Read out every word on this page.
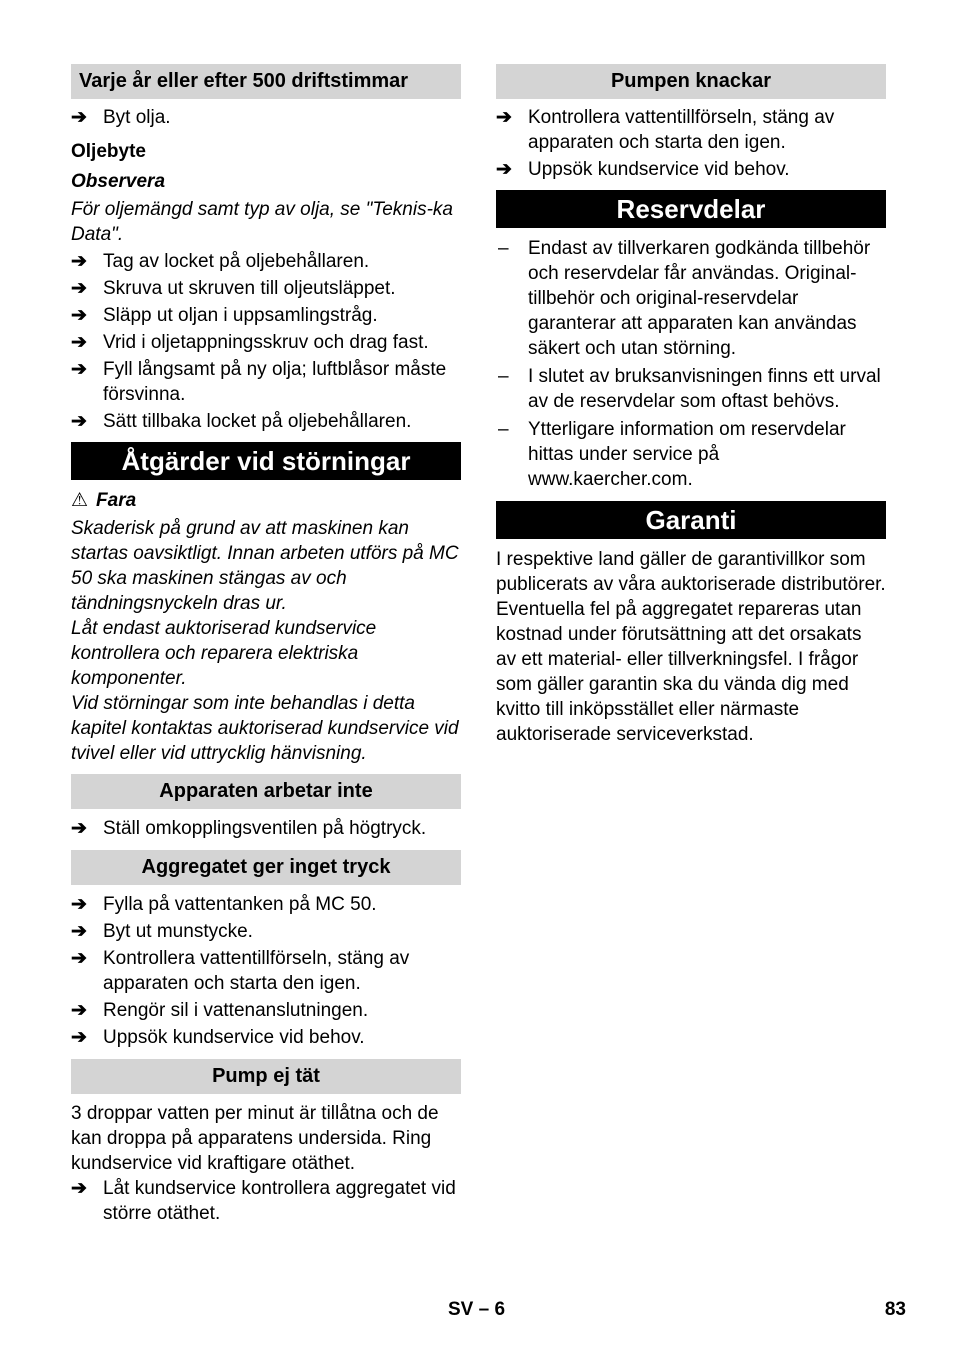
Varje år eller efter 500 driftstimmar
➔ Byt olja.
Oljebyte
Observera
För oljemängd samt typ av olja, se "Teknis-ka Data".
➔ Tag av locket på oljebehållaren.
➔ Skruva ut skruven till oljeutsläppet.
➔ Släpp ut oljan i uppsamlingstråg.
➔ Vrid i oljetappningsskruv och drag fast.
➔ Fyll långsamt på ny olja; luftblåsor måste försvinna.
➔ Sätt tillbaka locket på oljebehållaren.
Åtgärder vid störningar
⚠ Fara
Skaderisk på grund av att maskinen kan startas oavsiktligt. Innan arbeten utförs på MC 50 ska maskinen stängas av och tändningsnyckeln dras ur.
Låt endast auktoriserad kundservice kontrollera och reparera elektriska komponenter.
Vid störningar som inte behandlas i detta kapitel kontaktas auktoriserad kundservice vid tvivel eller vid uttrycklig hänvisning.
Apparaten arbetar inte
➔ Ställ omkopplingsventilen på högtryck.
Aggregatet ger inget tryck
➔ Fylla på vattentanken på MC 50.
➔ Byt ut munstycke.
➔ Kontrollera vattentillförseln, stäng av apparaten och starta den igen.
➔ Rengör sil i vattenanslutningen.
➔ Uppsök kundservice vid behov.
Pump ej tät
3 droppar vatten per minut är tillåtna och de kan droppa på apparatens undersida. Ring kundservice vid kraftigare otäthet.
➔ Låt kundservice kontrollera aggregatet vid större otäthet.
Pumpen knackar
➔ Kontrollera vattentillförseln, stäng av apparaten och starta den igen.
➔ Uppsök kundservice vid behov.
Reservdelar
– Endast av tillverkaren godkända tillbehör och reservdelar får användas. Original-tillbehör och original-reservdelar garanterar att apparaten kan användas säkert och utan störning.
– I slutet av bruksanvisningen finns ett urval av de reservdelar som oftast behövs.
– Ytterligare information om reservdelar hittas under service på www.kaercher.com.
Garanti
I respektive land gäller de garantivillkor som publicerats av våra auktoriserade distributörer. Eventuella fel på aggregatet repareras utan kostnad under förutsättning att det orsakats av ett material- eller tillverkningsfel. I frågor som gäller garantin ska du vända dig med kvitto till inköpsstället eller närmaste auktoriserade serviceverkstad.
SV – 6	83
